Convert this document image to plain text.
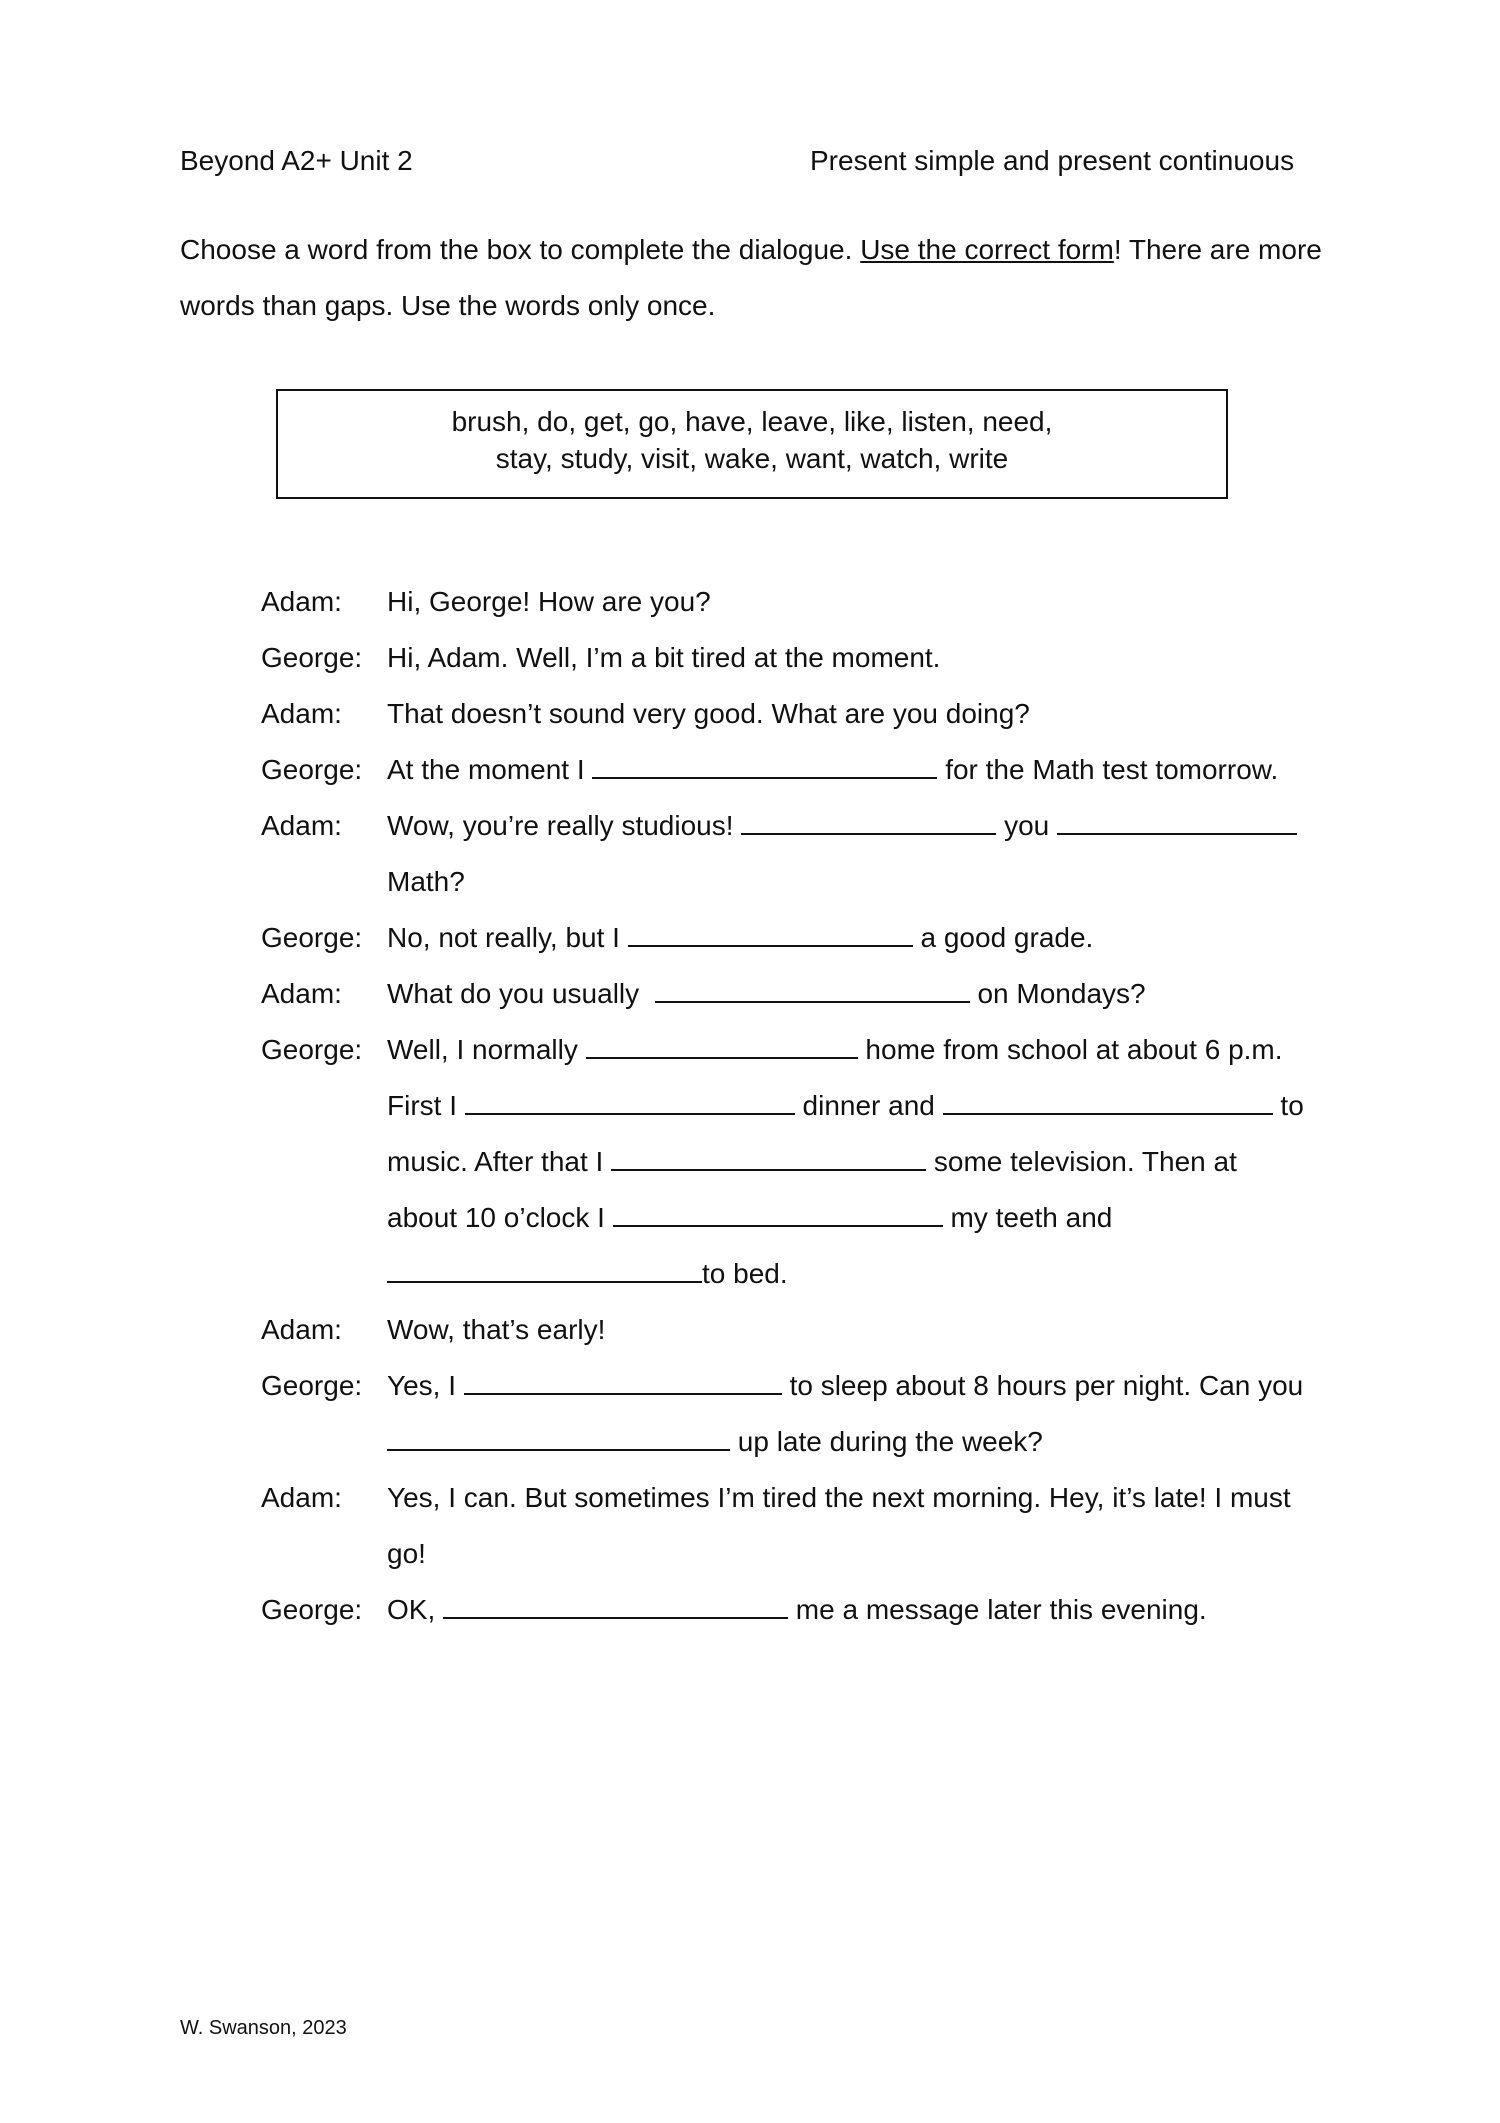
Beyond A2+ Unit 2	Present simple and present continuous
Choose a word from the box to complete the dialogue. Use the correct form! There are more words than gaps. Use the words only once.
brush, do, get, go, have, leave, like, listen, need,
stay, study, visit, wake, want, watch, write
Adam:	Hi, George! How are you?
George: Hi, Adam. Well, I’m a bit tired at the moment.
Adam:	That doesn’t sound very good. What are you doing?
George: At the moment I	for the Math test tomorrow.
Adam:	Wow, you’re really studious!	you
Math?
George: No, not really, but I	a good grade.
Adam:	What do you usually	on Mondays?
George: Well, I normally	home from school at about 6 p.m.
First I	dinner and	to
music. After that I	some television. Then at
about 10 o’clock I	my teeth and
to bed.
Adam:	Wow, that’s early!
George: Yes, I	to sleep about 8 hours per night. Can you
up late during the week?
Adam:	Yes, I can. But sometimes I’m tired the next morning. Hey, it’s late! I must
go!
George: OK,	me a message later this evening.
W. Swanson, 2023
